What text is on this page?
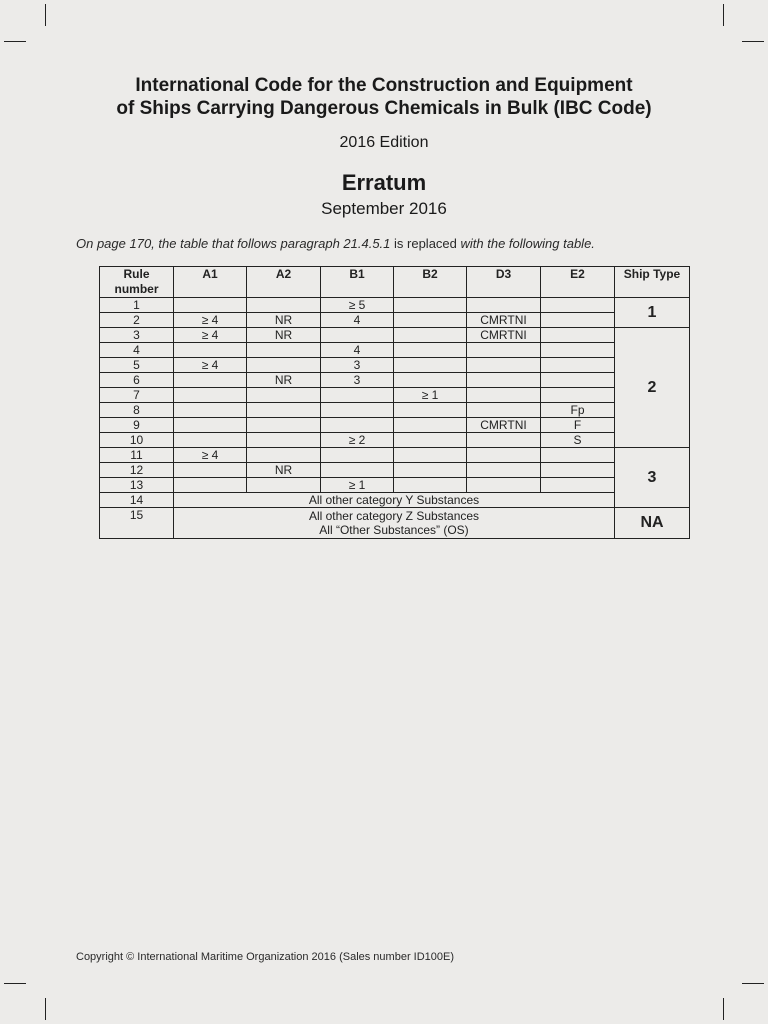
International Code for the Construction and Equipment
of Ships Carrying Dangerous Chemicals in Bulk (IBC Code)
2016 Edition
Erratum
September 2016
On page 170, the table that follows paragraph 21.4.5.1 is replaced with the following table.
Rule number	A1	A2	B1	B2	D3	E2	Ship Type
1			≥ 5				1
2	≥ 4	NR	4		CMRTNI		
3	≥ 4	NR			CMRTNI		2
4			4				
5	≥ 4		3				
6		NR	3				
7				≥ 1			
8						Fp	
9					CMRTNI	F	
10			≥ 2			S	
11	≥ 4						3
12		NR					
13			≥ 1				
14	All other category Y Substances						
15	All other category Z Substances
All “Other Substances” (OS)						NA
Copyright © International Maritime Organization 2016 (Sales number ID100E)
